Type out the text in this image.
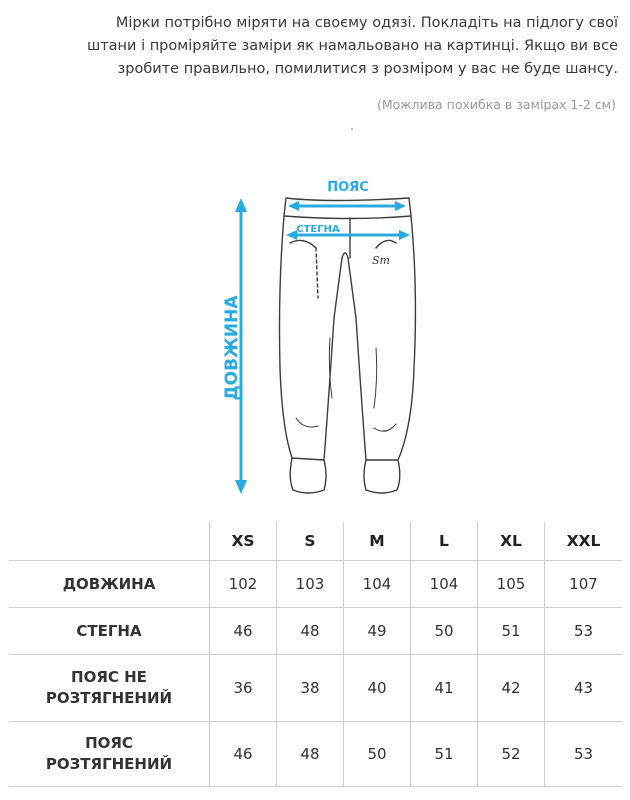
Мірки потрібно міряти на своєму одязі. Покладіть на підлогу свої

штани і проміряйте заміри як намальовано на картинці. Якщо ви все

зробите правильно, помилитися з розміром у вас не буде шансу.

(Можлива похибка в замірах 1-2 см)
Sm
ПОЯС
СТЕГНА
ДОВЖИНА
	XS	S	M	L	XL	XXL
ДОВЖИНА	102	103	104	104	105	107
СТЕГНА	46	48	49	50	51	53
ПОЯС НЕ
РОЗТЯГНЕНИЙ	36	38	40	41	42	43
ПОЯС
РОЗТЯГНЕНИЙ	46	48	50	51	52	53
